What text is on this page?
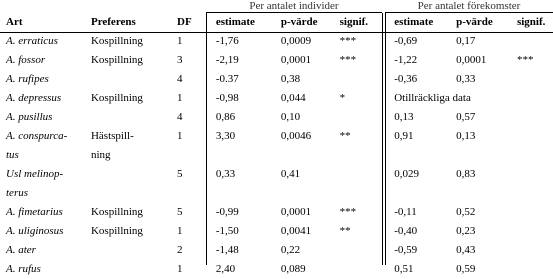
Per antalet individer	Per antalet förekomster
Art	Preferens	DF	estimate	p-värde	signif.	estimate	p-värde	signif.
A. erraticus	Kospillning	1	-1,76	0,0009	***	-0,69	0,17	
A. fossor	Kospillning	3	-2,19	0,0001	***	-1,22	0,0001	***
A. rufipes		4	-0.37	0,38		-0,36	0,33	
A. depressus	Kospillning	1	-0,98	0,044	*	Otillräckliga data		
A. pusillus		4	0,86	0,10		0,13	0,57	
A. conspurca-	Hästspill-	1	3,30	0,0046	**	0,91	0,13	
tus	ning							
Usl melinop-		5	0,33	0,41		0,029	0,83	
terus								
A. fimetarius	Kospillning	5	-0,99	0,0001	***	-0,11	0,52	
A. uliginosus	Kospillning	1	-1,50	0,0041	**	-0,40	0,23	
A. ater		2	-1,48	0,22		-0,59	0,43	
A. rufus		1	2,40	0,089		0,51	0,59	
